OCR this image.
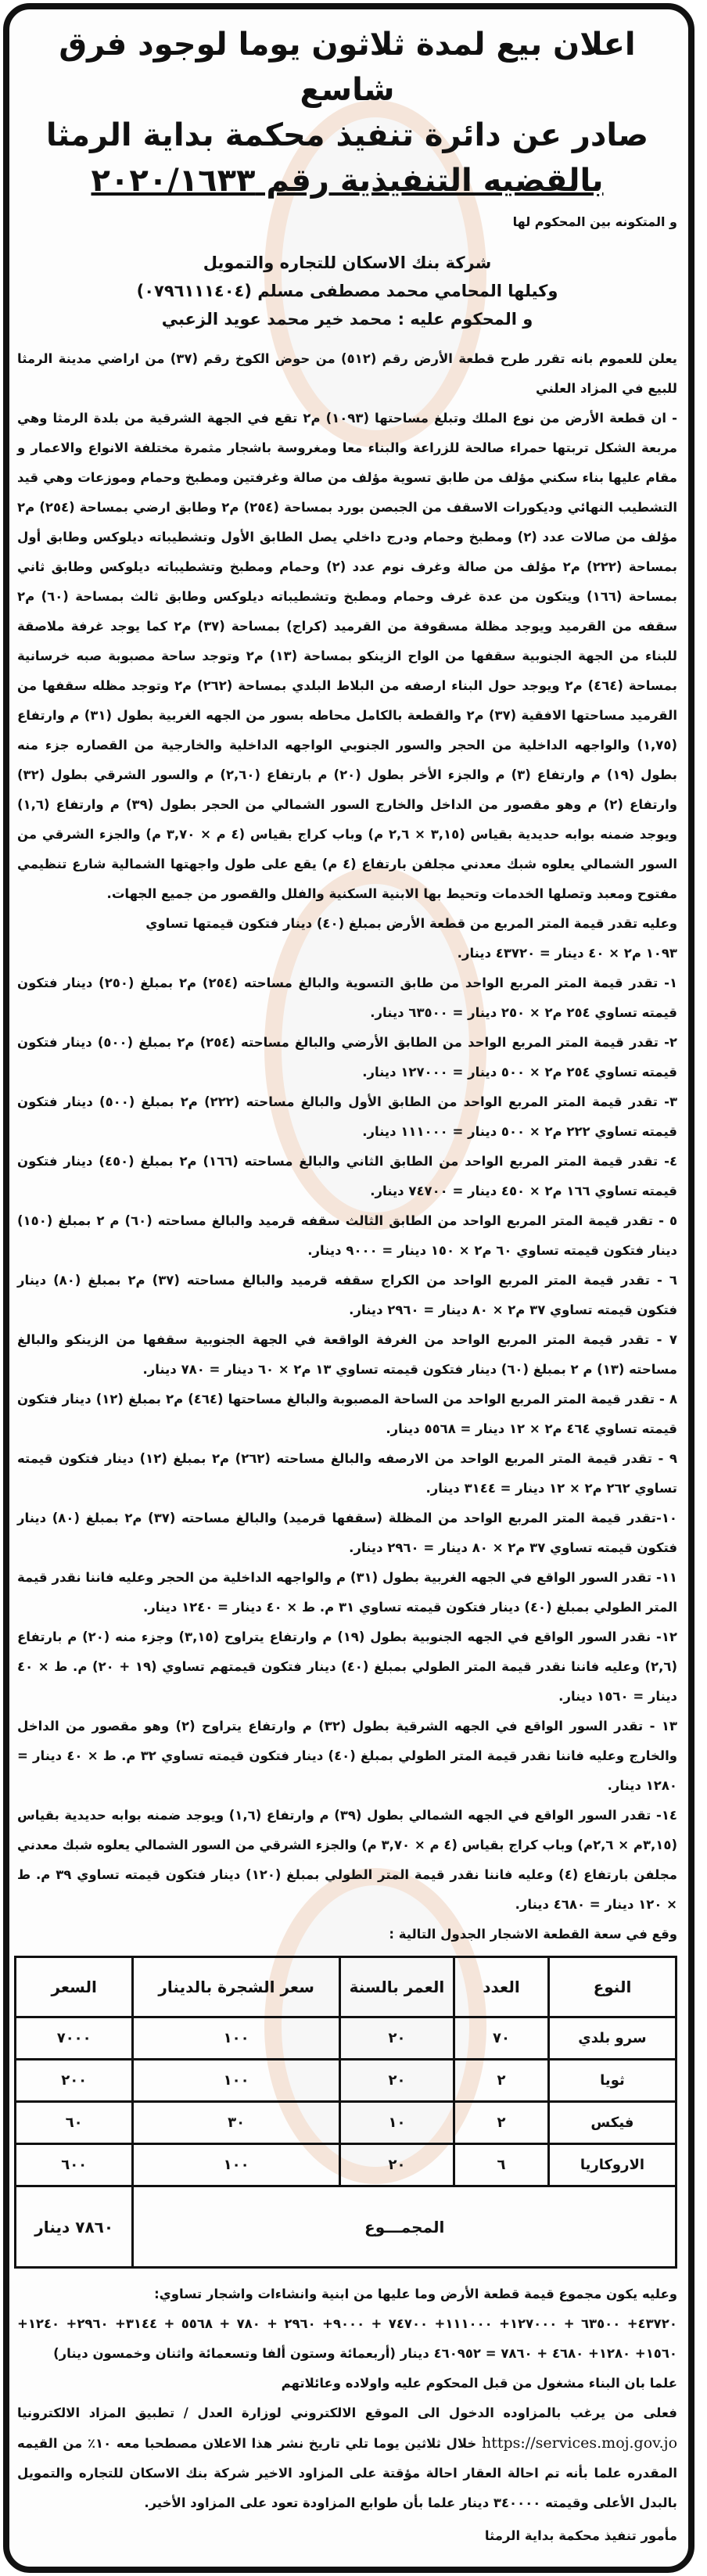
اعلان بيع لمدة ثلاثون يوما لوجود فرق شاسع
صادر عن دائرة تنفيذ محكمة بداية الرمثا
بالقضيه التنفيذية رقم ٢٠٢٠/١٦٣٣
و المتكونه بين المحكوم لها
شركة بنك الاسكان للتجاره والتمويل
وكيلها المحامي محمد مصطفى مسلم (٠٧٩٦١١١٤٠٤)
و المحكوم عليه : محمد خير محمد عويد الزعبي

يعلن للعموم بانه تقرر طرح قطعة الأرض رقم (٥١٢) من حوض الكوخ رقم (٣٧) من اراضي مدينة الرمثا للبيع في المزاد العلني

- ان قطعة الأرض من نوع الملك وتبلغ مساحتها (١٠٩٣) م٢ تقع في الجهة الشرقية من بلدة الرمثا وهي مربعة الشكل تربتها حمراء صالحة للزراعة والبناء معا ومغروسة باشجار مثمرة مختلفة الانواع والاعمار و مقام عليها بناء سكني مؤلف من طابق تسوية مؤلف من صالة وغرفتين ومطبخ وحمام وموزعات وهي قيد التشطيب النهائي وديكورات الاسقف من الجبصن بورد بمساحة (٢٥٤) م٢ وطابق ارضي بمساحة (٢٥٤) م٢ مؤلف من صالات عدد (٢) ومطبخ وحمام ودرج داخلي يصل الطابق الأول وتشطيباته ديلوكس وطابق أول بمساحة (٢٢٢) م٢ مؤلف من صالة وغرف نوم عدد (٢) وحمام ومطبخ وتشطيباته ديلوكس وطابق ثاني بمساحة (١٦٦) ويتكون من عدة غرف وحمام ومطبخ وتشطيباته ديلوكس وطابق ثالث بمساحة (٦٠) م٢ سقفه من القرميد ويوجد مظلة مسقوفة من القرميد (كراج) بمساحة (٣٧) م٢ كما يوجد غرفة ملاصقة للبناء من الجهة الجنوبية سقفها من الواح الزينكو بمساحة (١٣) م٢ وتوجد ساحة مصبوبة صبه خرسانية بمساحة (٤٦٤) م٢ ويوجد حول البناء ارصفه من البلاط البلدي بمساحة (٢٦٢) م٢ وتوجد مظله سقفها من القرميد مساحتها الافقية (٣٧) م٢ والقطعة بالكامل محاطه بسور من الجهه الغربية بطول (٣١) م وارتفاع (١,٧٥) والواجهه الداخلية من الحجر والسور الجنوبي الواجهه الداخلية والخارجية من القصاره جزء منه بطول (١٩) م وارتفاع (٣) م والجزء الأخر بطول (٢٠) م بارتفاع (٢,٦٠) م والسور الشرقي بطول (٣٢) وارتفاع (٢) م وهو مقصور من الداخل والخارج السور الشمالي من الحجر بطول (٣٩) م وارتفاع (١,٦) ويوجد ضمنه بوابه حديدية بقياس (٣,١٥ × ٢,٦ م) وباب كراج بقياس (٤ م × ٣,٧٠ م) والجزء الشرقي من السور الشمالي يعلوه شبك معدني مجلفن بارتفاع (٤ م) يقع على طول واجهتها الشمالية شارع تنظيمي مفتوح ومعبد وتصلها الخدمات وتحيط بها الابنية السكنية والفلل والقصور من جميع الجهات.

وعليه تقدر قيمة المتر المربع من قطعة الأرض بمبلغ (٤٠) دينار فتكون قيمتها تساوي

١٠٩٣ م٢ × ٤٠ دينار = ٤٣٧٢٠ دينار.

١- تقدر قيمة المتر المربع الواحد من طابق التسوية والبالغ مساحته (٢٥٤) م٢ بمبلغ (٢٥٠) دينار فتكون قيمته تساوي ٢٥٤ م٢ × ٢٥٠ دينار = ٦٣٥٠٠ دينار.

٢- تقدر قيمة المتر المربع الواحد من الطابق الأرضي والبالغ مساحته (٢٥٤) م٢ بمبلغ (٥٠٠) دينار فتكون قيمته تساوي ٢٥٤ م٢ × ٥٠٠ دينار = ١٢٧٠٠٠ دينار.

٣- تقدر قيمة المتر المربع الواحد من الطابق الأول والبالغ مساحته (٢٢٢) م٢ بمبلغ (٥٠٠) دينار فتكون قيمته تساوي ٢٢٢ م٢ × ٥٠٠ دينار = ١١١٠٠٠ دينار.

٤- تقدر قيمة المتر المربع الواحد من الطابق الثاني والبالغ مساحته (١٦٦) م٢ بمبلغ (٤٥٠) دينار فتكون قيمته تساوي ١٦٦ م٢ × ٤٥٠ دينار = ٧٤٧٠٠ دينار.

٥ - تقدر قيمة المتر المربع الواحد من الطابق الثالث سقفه قرميد والبالغ مساحته (٦٠) م ٢ بمبلغ (١٥٠) دينار فتكون قيمته تساوي ٦٠ م٢ × ١٥٠ دينار = ٩٠٠٠ دينار.

٦ - تقدر قيمة المتر المربع الواحد من الكراج سقفه قرميد والبالغ مساحته (٣٧) م٢ بمبلغ (٨٠) دينار فتكون قيمته تساوي ٣٧ م٢ × ٨٠ دينار = ٢٩٦٠ دينار.

٧ - تقدر قيمة المتر المربع الواحد من الغرفة الواقعة في الجهة الجنوبية سقفها من الزينكو والبالغ مساحته (١٣) م ٢ بمبلغ (٦٠) دينار فتكون قيمته تساوي ١٣ م٢ × ٦٠ دينار = ٧٨٠ دينار.

٨ - تقدر قيمة المتر المربع الواحد من الساحة المصبوبة والبالغ مساحتها (٤٦٤) م٢ بمبلغ (١٢) دينار فتكون قيمته تساوي ٤٦٤ م٢ × ١٢ دينار = ٥٥٦٨ دينار.

٩ - تقدر قيمة المتر المربع الواحد من الارصفه والبالغ مساحته (٢٦٢) م٢ بمبلغ (١٢) دينار فتكون قيمته تساوي ٢٦٢ م٢ × ١٢ دينار = ٣١٤٤ دينار.

١٠-تقدر قيمة المتر المربع الواحد من المظلة (سقفها قرميد) والبالغ مساحته (٣٧) م٢ بمبلغ (٨٠) دينار فتكون قيمته تساوي ٣٧ م٢ × ٨٠ دينار = ٢٩٦٠ دينار.

١١- تقدر السور الواقع في الجهه الغربية بطول (٣١) م والواجهه الداخلية من الحجر وعليه فاننا نقدر قيمة المتر الطولي بمبلغ (٤٠) دينار فتكون قيمته تساوي ٣١ م. ط × ٤٠ دينار = ١٢٤٠ دينار.

١٢- نقدر السور الواقع في الجهه الجنوبية بطول (١٩) م وارتفاع يتراوح (٣,١٥) وجزء منه (٢٠) م بارتفاع (٢,٦) وعليه فاننا نقدر قيمة المتر الطولي بمبلغ (٤٠) دينار فتكون قيمتهم تساوي (١٩ + ٢٠) م. ط × ٤٠ دينار = ١٥٦٠ دينار.

١٣ - تقدر السور الواقع في الجهه الشرقية بطول (٣٢) م وارتفاع يتراوح (٢) وهو مقصور من الداخل والخارج وعليه فاننا نقدر قيمة المتر الطولي بمبلغ (٤٠) دينار فتكون قيمته تساوي ٣٢ م. ط × ٤٠ دينار = ١٢٨٠ دينار.

١٤- تقدر السور الواقع في الجهه الشمالي بطول (٣٩) م وارتفاع (١,٦) ويوجد ضمنه بوابه حديدية بقياس (٣,١٥م × ٢,٦م) وباب كراج بقياس (٤ م × ٣,٧٠ م) والجزء الشرقي من السور الشمالي يعلوه شبك معدني مجلفن بارتفاع (٤) وعليه فاننا نقدر قيمة المتر الطولي بمبلغ (١٢٠) دينار فتكون قيمته تساوي ٣٩ م. ط × ١٢٠ دينار = ٤٦٨٠ دينار.

وقع في سعة القطعة الاشجار الجدول التالية :

النوع	العدد	العمر بالسنة	سعر الشجرة بالدينار	السعر
سرو بلدي	٧٠	٢٠	١٠٠	٧٠٠٠
ثويا	٢	٢٠	١٠٠	٢٠٠
فيكس	٢	١٠	٣٠	٦٠
الاروكاريا	٦	٢٠	١٠٠	٦٠٠
المجمـــوع				٧٨٦٠ دينار

وعليه يكون مجموع قيمة قطعة الأرض وما عليها من ابنية وانشاءات واشجار تساوي:

٤٣٧٢٠+ ٦٣٥٠٠ + ١٢٧٠٠٠+ ١١١٠٠٠+ ٧٤٧٠٠ + ٩٠٠٠+ ٢٩٦٠ + ٧٨٠ + ٥٥٦٨ + ٣١٤٤+ ٢٩٦٠+ ١٢٤٠+ ١٥٦٠+ ١٢٨٠+ ٤٦٨٠ + ٧٨٦٠ = ٤٦٠٩٥٢ دينار (أربعمائة وستون ألفا وتسعمائة واثنان وخمسون دينار)

علما بان البناء مشغول من قبل المحكوم عليه واولاده وعائلاتهم

فعلى من يرغب بالمزاوده الدخول الى الموقع الالكتروني لوزارة العدل / تطبيق المزاد الالكترونيا https://services.moj.gov.jo خلال ثلاثين يوما تلي تاريخ نشر هذا الاعلان مصطحبا معه ١٠٪ من القيمه المقدره علما بأنه تم احالة العقار احالة مؤقتة على المزاود الاخير شركة بنك الاسكان للتجاره والتمويل بالبدل الأعلى وقيمته ٣٤٠٠٠٠ دينار علما بأن طوابع المزاودة تعود على المزاود الأخير.

مأمور تنفيذ محكمة بداية الرمثا
